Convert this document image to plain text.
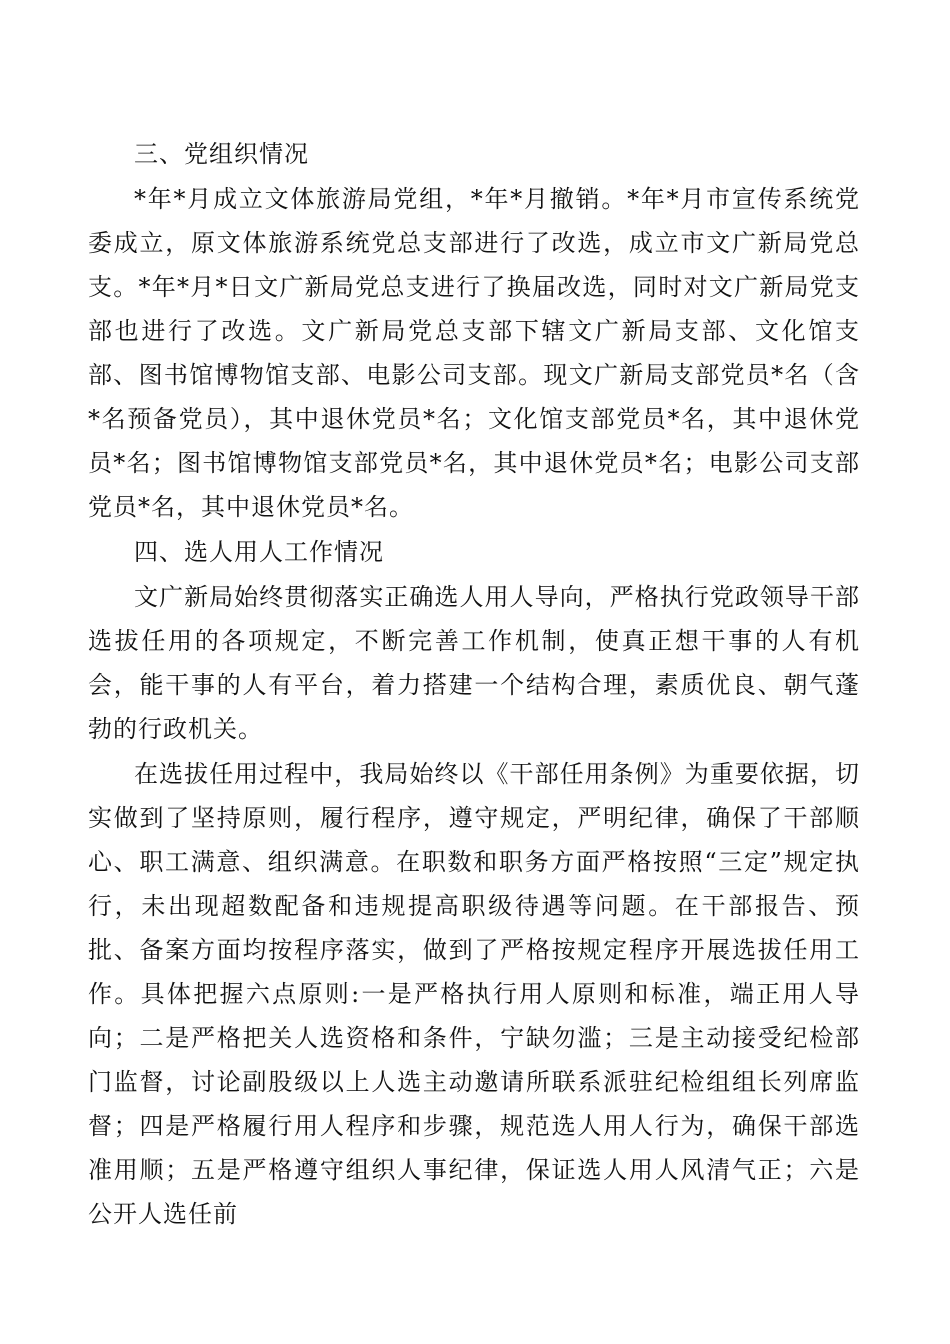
三、党组织情况

*年*月成立文体旅游局党组，*年*月撤销。*年*月市宣传系统党委成立，原文体旅游系统党总支部进行了改选，成立市文广新局党总支。*年*月*日文广新局党总支进行了换届改选，同时对文广新局党支部也进行了改选。文广新局党总支部下辖文广新局支部、文化馆支部、图书馆博物馆支部、电影公司支部。现文广新局支部党员*名（含*名预备党员），其中退休党员*名；文化馆支部党员*名，其中退休党员*名；图书馆博物馆支部党员*名，其中退休党员*名；电影公司支部党员*名，其中退休党员*名。

四、选人用人工作情况

文广新局始终贯彻落实正确选人用人导向，严格执行党政领导干部选拔任用的各项规定，不断完善工作机制，使真正想干事的人有机会，能干事的人有平台，着力搭建一个结构合理，素质优良、朝气蓬勃的行政机关。

在选拔任用过程中，我局始终以《干部任用条例》为重要依据，切实做到了坚持原则，履行程序，遵守规定，严明纪律，确保了干部顺心、职工满意、组织满意。在职数和职务方面严格按照“三定”规定执行，未出现超数配备和违规提高职级待遇等问题。在干部报告、预批、备案方面均按程序落实，做到了严格按规定程序开展选拔任用工作。具体把握六点原则:一是严格执行用人原则和标准，端正用人导向；二是严格把关人选资格和条件，宁缺勿滥；三是主动接受纪检部门监督，讨论副股级以上人选主动邀请所联系派驻纪检组组长列席监督；四是严格履行用人程序和步骤，规范选人用人行为，确保干部选准用顺；五是严格遵守组织人事纪律，保证选人用人风清气正；六是公开人选任前
